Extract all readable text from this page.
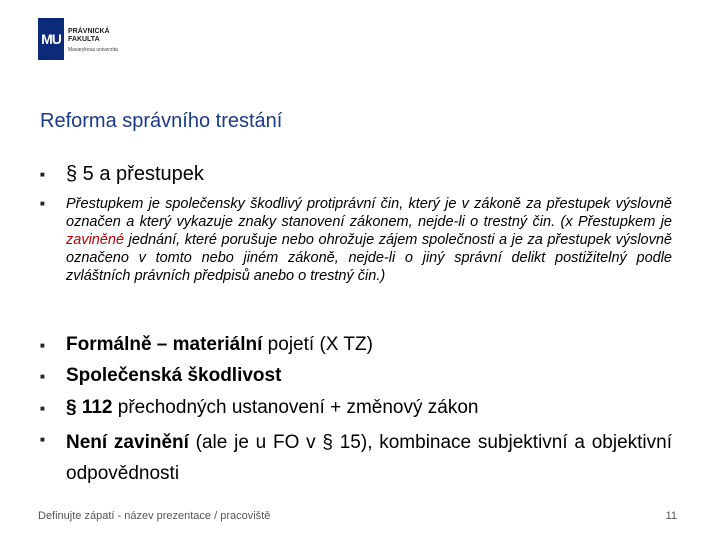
MU	PRÁVNICKÁ
FAKULTA
Masarykova univerzita
Reforma správního trestání
■ § 5 a přestupek
■ Přestupkem je společensky škodlivý protiprávní čin, který je v zákoně za přestupek výslovně označen a který vykazuje znaky stanovení zákonem, nejde-li o trestný čin. (x Přestupkem je zaviněné jednání, které porušuje nebo ohrožuje zájem společnosti a je za přestupek výslovně označeno v tomto nebo jiném zákoně, nejde-li o jiný správní delikt postižitelný podle zvláštních právních předpisů anebo o trestný čin.)
■ Formálně – materiální pojetí (X TZ)
■ Společenská škodlivost
■ § 112 přechodných ustanovení + změnový zákon
■ Není zavinění (ale je u FO v § 15), kombinace subjektivní a objektivní odpovědnosti
Definujte zápatí - název prezentace / pracoviště	11
